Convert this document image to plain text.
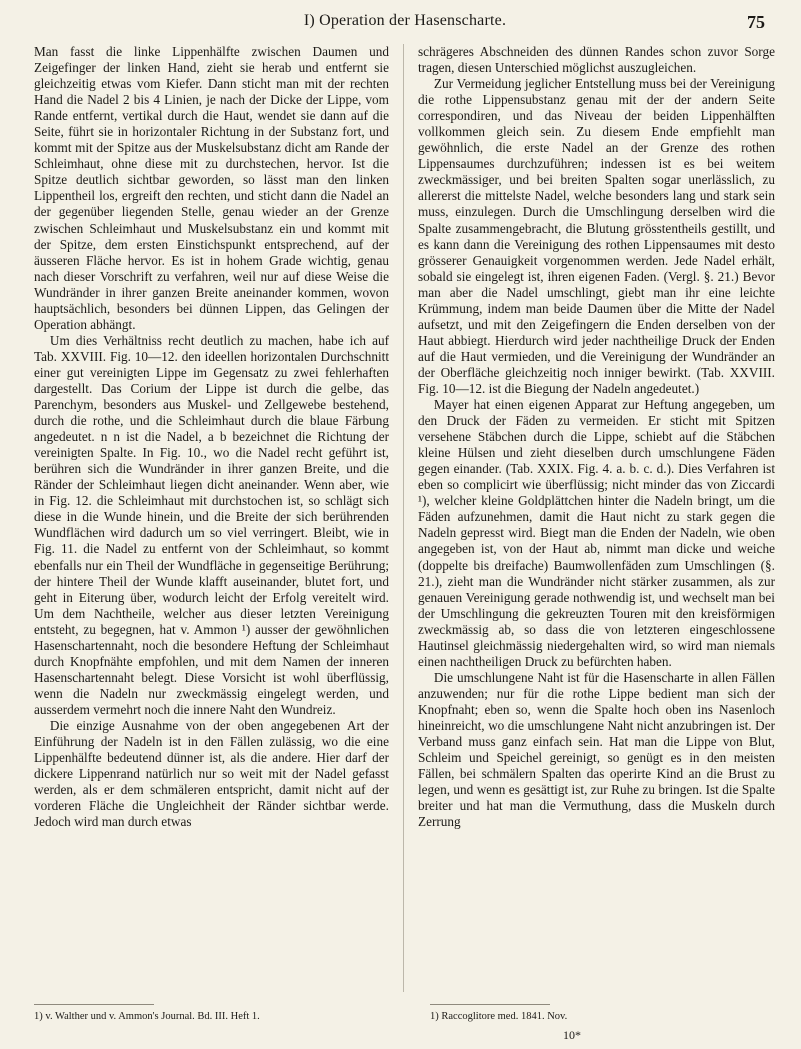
I) Operation der Hasenscharte.	75

Man fasst die linke Lippenhälfte zwischen Daumen und Zeigefinger der linken Hand, zieht sie herab und entfernt sie gleichzeitig etwas vom Kiefer. Dann sticht man mit der rechten Hand die Nadel 2 bis 4 Linien, je nach der Dicke der Lippe, vom Rande entfernt, vertikal durch die Haut, wendet sie dann auf die Seite, führt sie in horizontaler Richtung in der Substanz fort, und kommt mit der Spitze aus der Muskelsubstanz dicht am Rande der Schleimhaut, ohne diese mit zu durchstechen, hervor. Ist die Spitze deutlich sichtbar geworden, so lässt man den linken Lippentheil los, ergreift den rechten, und sticht dann die Nadel an der gegenüber liegenden Stelle, genau wieder an der Grenze zwischen Schleimhaut und Muskelsubstanz ein und kommt mit der Spitze, dem ersten Einstichspunkt entsprechend, auf der äusseren Fläche hervor. Es ist in hohem Grade wichtig, genau nach dieser Vorschrift zu verfahren, weil nur auf diese Weise die Wundränder in ihrer ganzen Breite aneinander kommen, wovon hauptsächlich, besonders bei dünnen Lippen, das Gelingen der Operation abhängt.

Um dies Verhältniss recht deutlich zu machen, habe ich auf Tab. XXVIII. Fig. 10—12. den ideellen horizontalen Durchschnitt einer gut vereinigten Lippe im Gegensatz zu zwei fehlerhaften dargestellt. Das Corium der Lippe ist durch die gelbe, das Parenchym, besonders aus Muskel- und Zellgewebe bestehend, durch die rothe, und die Schleimhaut durch die blaue Färbung angedeutet. n n ist die Nadel, a b bezeichnet die Richtung der vereinigten Spalte. In Fig. 10., wo die Nadel recht geführt ist, berühren sich die Wundränder in ihrer ganzen Breite, und die Ränder der Schleimhaut liegen dicht aneinander. Wenn aber, wie in Fig. 12. die Schleimhaut mit durchstochen ist, so schlägt sich diese in die Wunde hinein, und die Breite der sich berührenden Wundflächen wird dadurch um so viel verringert. Bleibt, wie in Fig. 11. die Nadel zu entfernt von der Schleimhaut, so kommt ebenfalls nur ein Theil der Wundfläche in gegenseitige Berührung; der hintere Theil der Wunde klafft auseinander, blutet fort, und geht in Eiterung über, wodurch leicht der Erfolg vereitelt wird. Um dem Nachtheile, welcher aus dieser letzten Vereinigung entsteht, zu begegnen, hat v. Ammon ¹) ausser der gewöhnlichen Hasenschartennaht, noch die besondere Heftung der Schleimhaut durch Knopfnähte empfohlen, und mit dem Namen der inneren Hasenschartennaht belegt. Diese Vorsicht ist wohl überflüssig, wenn die Nadeln nur zweckmässig eingelegt werden, und ausserdem vermehrt noch die innere Naht den Wundreiz.

Die einzige Ausnahme von der oben angegebenen Art der Einführung der Nadeln ist in den Fällen zulässig, wo die eine Lippenhälfte bedeutend dünner ist, als die andere. Hier darf der dickere Lippenrand natürlich nur so weit mit der Nadel gefasst werden, als er dem schmäleren entspricht, damit nicht auf der vorderen Fläche die Ungleichheit der Ränder sichtbar werde. Jedoch wird man durch etwas

schrägeres Abschneiden des dünnen Randes schon zuvor Sorge tragen, diesen Unterschied möglichst auszugleichen.

Zur Vermeidung jeglicher Entstellung muss bei der Vereinigung die rothe Lippensubstanz genau mit der der andern Seite correspondiren, und das Niveau der beiden Lippenhälften vollkommen gleich sein. Zu diesem Ende empfiehlt man gewöhnlich, die erste Nadel an der Grenze des rothen Lippensaumes durchzuführen; indessen ist es bei weitem zweckmässiger, und bei breiten Spalten sogar unerlässlich, zu allererst die mittelste Nadel, welche besonders lang und stark sein muss, einzulegen. Durch die Umschlingung derselben wird die Spalte zusammengebracht, die Blutung grösstentheils gestillt, und es kann dann die Vereinigung des rothen Lippensaumes mit desto grösserer Genauigkeit vorgenommen werden. Jede Nadel erhält, sobald sie eingelegt ist, ihren eigenen Faden. (Vergl. §. 21.) Bevor man aber die Nadel umschlingt, giebt man ihr eine leichte Krümmung, indem man beide Daumen über die Mitte der Nadel aufsetzt, und mit den Zeigefingern die Enden derselben von der Haut abbiegt. Hierdurch wird jeder nachtheilige Druck der Enden auf die Haut vermieden, und die Vereinigung der Wundränder an der Oberfläche gleichzeitig noch inniger bewirkt. (Tab. XXVIII. Fig. 10—12. ist die Biegung der Nadeln angedeutet.)

Mayer hat einen eigenen Apparat zur Heftung angegeben, um den Druck der Fäden zu vermeiden. Er sticht mit Spitzen versehene Stäbchen durch die Lippe, schiebt auf die Stäbchen kleine Hülsen und zieht dieselben durch umschlungene Fäden gegen einander. (Tab. XXIX. Fig. 4. a. b. c. d.). Dies Verfahren ist eben so complicirt wie überflüssig; nicht minder das von Ziccardi ¹), welcher kleine Goldplättchen hinter die Nadeln bringt, um die Fäden aufzunehmen, damit die Haut nicht zu stark gegen die Nadeln gepresst wird. Biegt man die Enden der Nadeln, wie oben angegeben ist, von der Haut ab, nimmt man dicke und weiche (doppelte bis dreifache) Baumwollenfäden zum Umschlingen (§. 21.), zieht man die Wundränder nicht stärker zusammen, als zur genauen Vereinigung gerade nothwendig ist, und wechselt man bei der Umschlingung die gekreuzten Touren mit den kreisförmigen zweckmässig ab, so dass die von letzteren eingeschlossene Hautinsel gleichmässig niedergehalten wird, so wird man niemals einen nachtheiligen Druck zu befürchten haben.

Die umschlungene Naht ist für die Hasenscharte in allen Fällen anzuwenden; nur für die rothe Lippe bedient man sich der Knopfnaht; eben so, wenn die Spalte hoch oben ins Nasenloch hineinreicht, wo die umschlungene Naht nicht anzubringen ist. Der Verband muss ganz einfach sein. Hat man die Lippe von Blut, Schleim und Speichel gereinigt, so genügt es in den meisten Fällen, bei schmälern Spalten das operirte Kind an die Brust zu legen, und wenn es gesättigt ist, zur Ruhe zu bringen. Ist die Spalte breiter und hat man die Vermuthung, dass die Muskeln durch Zerrung

1) v. Walther und v. Ammon's Journal. Bd. III. Heft 1.	1) Raccoglitore med. 1841. Nov.
10*
